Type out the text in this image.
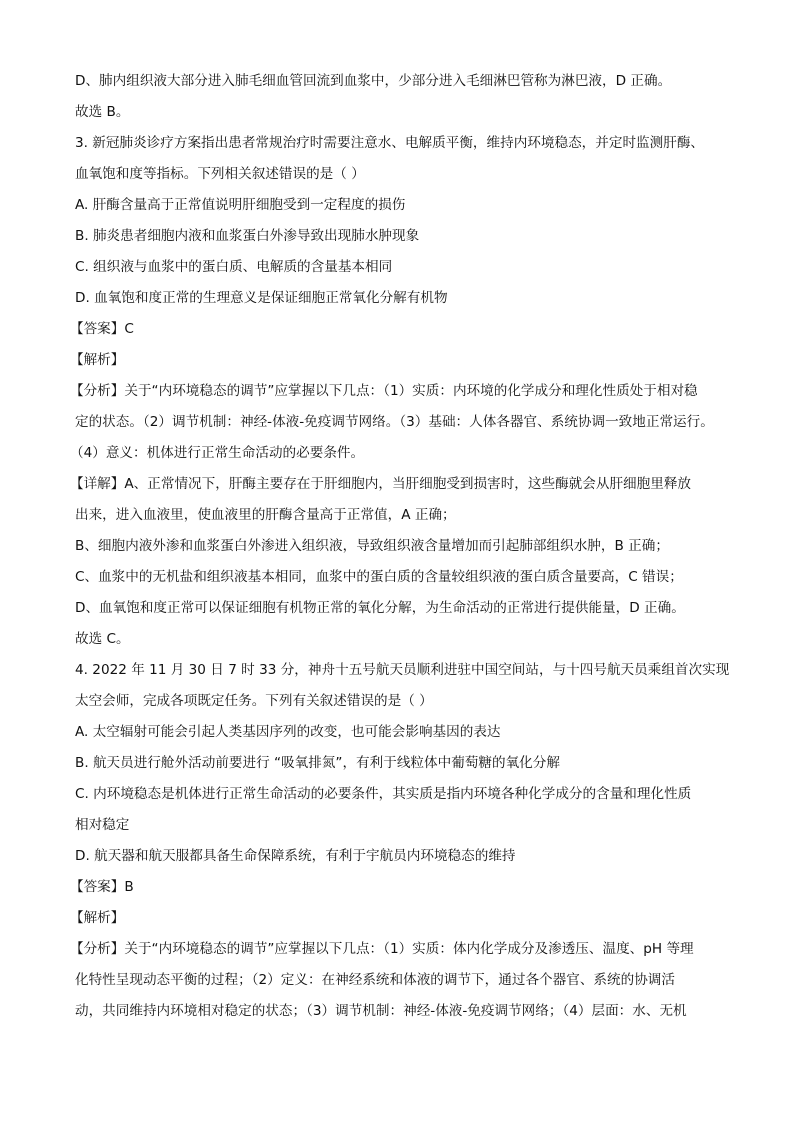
D、肺内组织液大部分进入肺毛细血管回流到血浆中，少部分进入毛细淋巴管称为淋巴液，D 正确。
故选 B。
3. 新冠肺炎诊疗方案指出患者常规治疗时需要注意水、电解质平衡，维持内环境稳态，并定时监测肝酶、
血氧饱和度等指标。下列相关叙述错误的是（ ）
A. 肝酶含量高于正常值说明肝细胞受到一定程度的损伤
B. 肺炎患者细胞内液和血浆蛋白外渗导致出现肺水肿现象
C. 组织液与血浆中的蛋白质、电解质的含量基本相同
D. 血氧饱和度正常的生理意义是保证细胞正常氧化分解有机物
【答案】C
【解析】
【分析】关于“内环境稳态的调节”应掌握以下几点：（1）实质：内环境的化学成分和理化性质处于相对稳
定的状态。（2）调节机制：神经-体液-免疫调节网络。（3）基础：人体各器官、系统协调一致地正常运行。
（4）意义：机体进行正常生命活动的必要条件。
【详解】A、正常情况下，肝酶主要存在于肝细胞内，当肝细胞受到损害时，这些酶就会从肝细胞里释放
出来，进入血液里，使血液里的肝酶含量高于正常值，A 正确；
B、细胞内液外渗和血浆蛋白外渗进入组织液，导致组织液含量增加而引起肺部组织水肿，B 正确；
C、血浆中的无机盐和组织液基本相同，血浆中的蛋白质的含量较组织液的蛋白质含量要高，C 错误；
D、血氧饱和度正常可以保证细胞有机物正常的氧化分解，为生命活动的正常进行提供能量，D 正确。
故选 C。
4. 2022 年 11 月 30 日 7 时 33 分，神舟十五号航天员顺利进驻中国空间站，与十四号航天员乘组首次实现
太空会师，完成各项既定任务。下列有关叙述错误的是（ ）
A. 太空辐射可能会引起人类基因序列的改变，也可能会影响基因的表达
B. 航天员进行舱外活动前要进行 “吸氧排氮”，有利于线粒体中葡萄糖的氧化分解
C. 内环境稳态是机体进行正常生命活动的必要条件，其实质是指内环境各种化学成分的含量和理化性质
相对稳定
D. 航天器和航天服都具备生命保障系统，有利于宇航员内环境稳态的维持
【答案】B
【解析】
【分析】关于“内环境稳态的调节”应掌握以下几点：（1）实质：体内化学成分及渗透压、温度、pH 等理
化特性呈现动态平衡的过程；（2）定义：在神经系统和体液的调节下，通过各个器官、系统的协调活
动，共同维持内环境相对稳定的状态；（3）调节机制：神经-体液-免疫调节网络；（4）层面：水、无机
